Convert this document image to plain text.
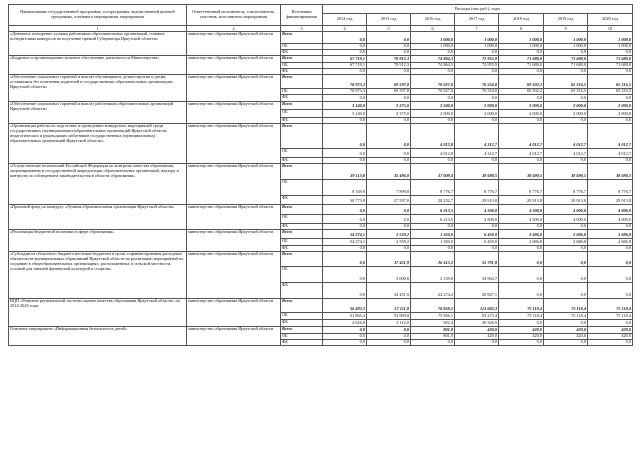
Наименование государственной программы, госпрограммы, ведомственной целевой программы, основного мероприятия, мероприятия	Ответственный исполнитель, соисполнитель, участник, исполнитель мероприятия	Источники финансирования	Расходы (тыс.руб.), годы						
			2014 год	2015 год	2016 год	2017 год	2018 год	2019 год	2020 год
1	2	3	4	5	6	7	8	9	10
«Денежное поощрение лучшим работникам образовательных организаций, ставших победителями конкурсов на получение премий Губернатора Иркутской области»	министерство образования Иркутской области	Всего	0,0	0,0	1 000,0	1 000,0	1 000,0	1 000,0	1 000,0
		ОБ	0,0	0,0	1 000,0	1 000,0	1 000,0	1 000,0	1 000,0
		ФБ	0,0	0,0	0,0	0,0	0,0	0,0	0,0
«Кадровое и организационно-штатное обеспечение деятельности Министерства»	министерство образования Иркутской области	Всего	67 719,1	70 912,3	74 864,3	72 955,9	71 680,0	71 680,0	71 680,0
		ОБ	67 719,1	70 912,3	74 864,3	72 955,9	71 680,0	71 680,0	71 680,0
		ФБ	0,0	0,0	0,0	0,0	0,0	0,0	0,0
«Обеспечение социальных гарантий и выплат обучающимся, детям-сиротам и детям, оставшимся без попечения родителей в государственных образовательных организациях Иркутской области»	министерство образования Иркутской области	Всего	76 973,3	69 597,8	70 027,0	76 554,0	69 502,2	65 316,5	65 316,5
		ОБ	76 973,3	69 597,8	70 027,0	76 554,0	69 502,2	65 316,5	65 316,5
		ФБ	0,0	0,0	0,0	0,0	0,0	0,0	0,0
«Обеспечение социальных гарантий и выплат работникам образовательных организаций Иркутской области»	министерство образования Иркутской области	Всего	3 140,0	2 375,0	2 500,0	2 000,0	2 000,0	2 000,0	2 000,0
		ОБ	3 140,0	2 375,0	2 500,0	2 000,0	2 000,0	2 000,0	2 000,0
		ФБ	0,0	0,0	0,0	0,0	0,0	0,0	0,0
«Организация работы по подготовке и проведению конкурсных мероприятий среди государственных (муниципальных)образовательных организаций Иркутской области, педагогических и руководящих работников государственных (муниципальных) образовательных организаций Иркутской области»	министерство образования Иркутской области	Всего	0,0	0,0	4 012,8	4 312,7	4 012,7	4 012,7	4 012,7
		ОБ	0,0	0,0	4 012,8	4 312,7	4 012,7	4 012,7	4 012,7
		ФБ	0,0	0,0	0,0	0,0	0,0	0,0	0,0
«Осуществление полномочий Российской Федерации по контролю качества образования, лицензированию и государственной аккредитации образовательных организаций, надзору и контролю за соблюдением законодательства в области образования»	министерство образования Иркутской области	Всего	39 113,8	35 496,8	37 009,4	38 690,5	38 690,5	38 690,5	38 690,5
		ОБ	8 339,9	7 899,8	8 776,7	8 776,7	8 776,7	8 776,7	8 776,7
		ФБ	30 773,9	27 597,0	28 232,7	29 913,8	29 913,8	29 913,8	29 913,8
«Призовой фонд по конкурсу «Лучшая образовательная организация Иркутской области»	министерство образования Иркутской области	Всего	0,0	0,0	6 213,5	4 500,0	4 500,0	4 000,0	4 000,0
		ОБ	0,0	0,0	6 213,5	4 500,0	4 500,0	4 000,0	4 000,0
		ФБ	0,0	0,0	0,0	0,0	0,0	0,0	0,0
«Реализация бюджетной политики в сфере образования»	министерство образования Иркутской области	Всего	54 274,1	2 559,2	1 350,0	6 450,0	2 686,8	2 686,8	2 686,8
		ОБ	54 274,1	2 559,2	1 350,0	6 450,0	2 686,8	2 686,8	2 686,8
		ФБ	0,0	0,0	0,0	0,0	0,0	0,0	0,0
«Субсидии из областного бюджета местным бюджетам в целях софинансирования расходных обязательств муниципальных образований Иркутской области на реализацию мероприятий по созданию в общеобразовательных организациях, расположенных в сельской местности, условий для занятий физической культурой и спортом»	министерство образования Иркутской области	Всего	0,0	37 451,9	26 413,2	55 791,8	0,0	0,0	0,0
		ОБ	0,0	3 000,0	2 139,0	34 964,7	0,0	0,0	0,0
		ФБ	0,0	34 451,9	24 274,2	20 827,1	0,0	0,0	0,0
ВЦП «Развитие региональной системы оценки качества образования Иркутской области» на 2014-2020 годы	министерство образования Иркутской области	Всего	56 492,2	57 111,8	76 858,5	113 602,3	75 118,4	75 118,4	75 118,4
		ОБ	51 865,2	53 999,8	75 956,1	93 275,4	75 118,4	75 118,4	75 118,4
		ФБ	4 626,0	3 112,0	902,4	20 326,9	0,0	0,0	0,0
Основное мероприятие «Информационная безопасность детей»	министерство образования Иркутской области	Всего	0,0	0,0	801,0	420,0	420,0	420,0	420,0
		ОБ	0,0	0,0	801,0	420,0	420,0	420,0	420,0
		ФБ	0,0	0,0	0,0	0,0	0,0	0,0	0,0
